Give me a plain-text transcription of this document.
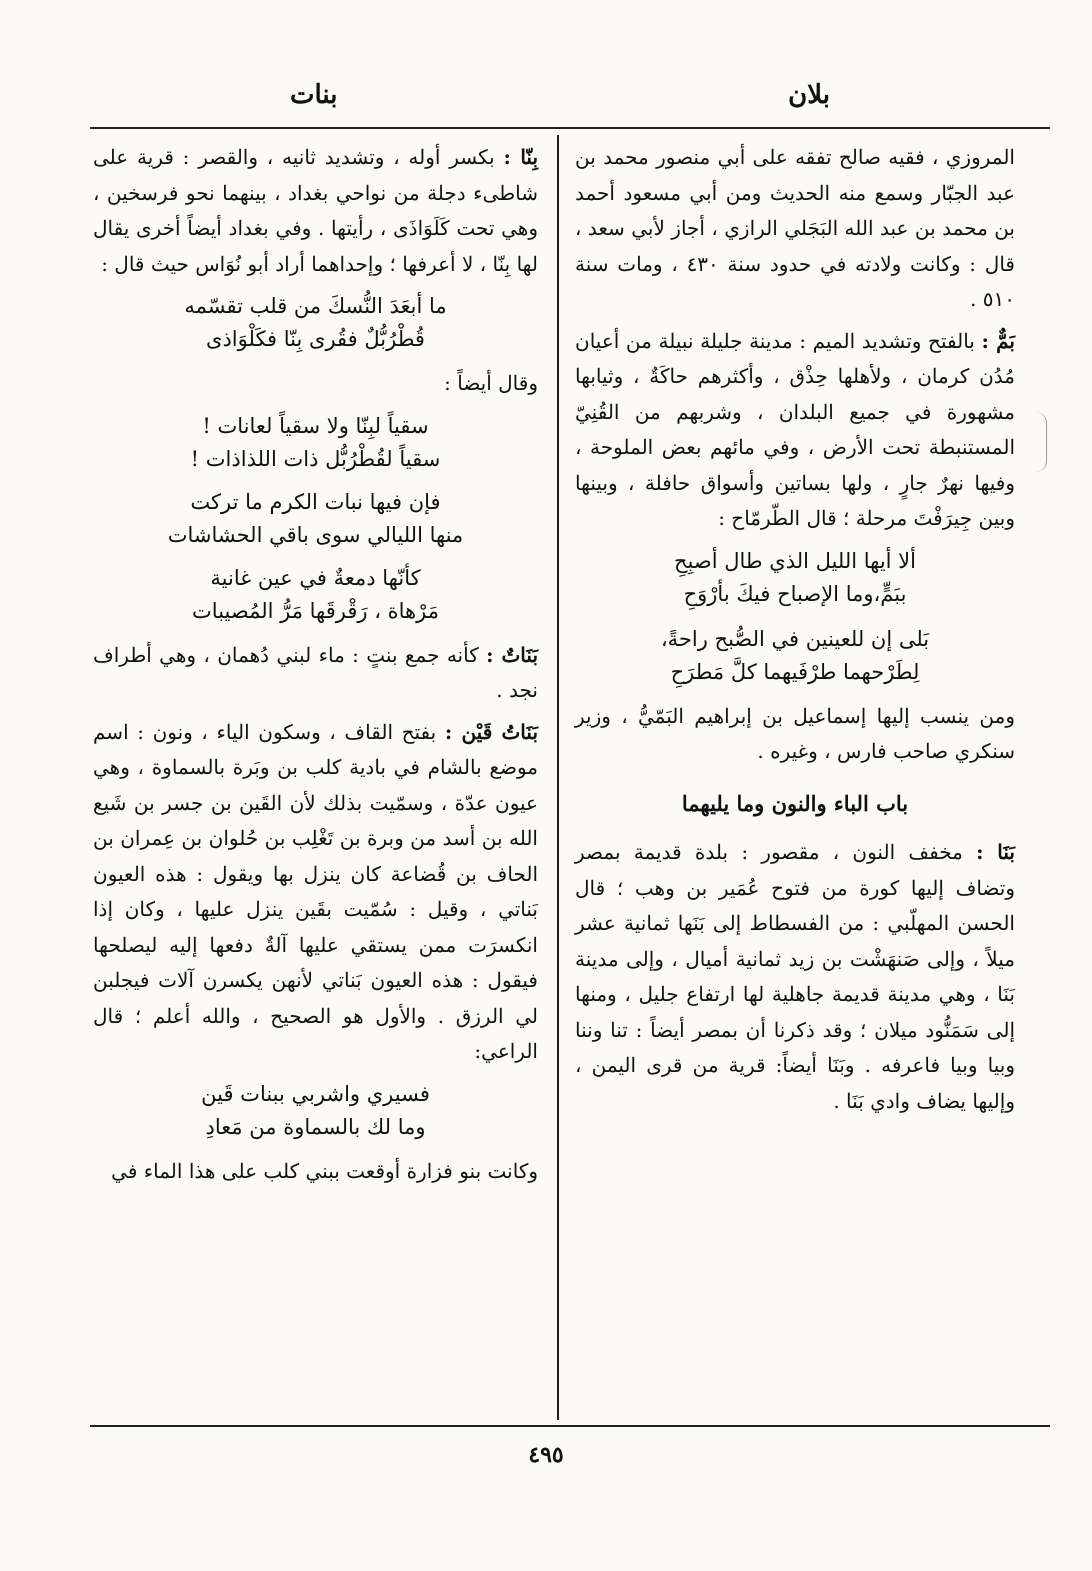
بلان
بنات

المروزي ، فقيه صالح تفقه على أبي منصور محمد بن عبد الجبّار وسمع منه الحديث ومن أبي مسعود أحمد بن محمد بن عبد الله البَجَلي الرازي ، أجاز لأبي سعد ، قال : وكانت ولادته في حدود سنة ٤٣٠ ، ومات سنة ٥١٠ .

بَمٌّ : بالفتح وتشديد الميم : مدينة جليلة نبيلة من أعيان مُدُن كرمان ، ولأهلها حِذْق ، وأكثرهم حاكَةٌ ، وثيابها مشهورة في جميع البلدان ، وشربهم من القُنِيّ المستنبطة تحت الأرض ، وفي مائهم بعض الملوحة ، وفيها نهرٌ جارٍ ، ولها بساتين وأسواق حافلة ، وبينها وبين جِيرَفْتَ مرحلة ؛ قال الطّرمّاح :

ألا أيها الليل الذي طال أصبِحِ
ببَمٍّ،وما الإصباح فيكَ بأرْوَحِ
بَلى إن للعينين في الصُّبح راحةً،
لِطَرْحهما طرْفَيهما كلَّ مَطرَحِ

ومن ينسب إليها إسماعيل بن إبراهيم البَمّيُّ ، وزير سنكري صاحب فارس ، وغيره .

باب الباء والنون وما يليهما

بَنَا : مخفف النون ، مقصور : بلدة قديمة بمصر وتضاف إليها كورة من فتوح عُمَير بن وهب ؛ قال الحسن المهلّبي : من الفسطاط إلى بَنَها ثمانية عشر ميلاً ، وإلى صَنهَشْت بن زيد ثمانية أميال ، وإلى مدينة بَنَا ، وهي مدينة قديمة جاهلية لها ارتفاع جليل ، ومنها إلى سَمَنُّود ميلان ؛ وقد ذكرنا أن بمصر أيضاً : تنا وننا وبيا وبيا فاعرفه . وبَنَا أيضاً: قرية من قرى اليمن ، وإليها يضاف وادي بَنَا .

بِنّا : بكسر أوله ، وتشديد ثانيه ، والقصر : قرية على شاطىء دجلة من نواحي بغداد ، بينهما نحو فرسخين ، وهي تحت كَلَوَاذَى ، رأيتها . وفي بغداد أيضاً أخرى يقال لها بِنّا ، لا أعرفها ؛ وإحداهما أراد أبو نُوَاس حيث قال :

ما أبعَدَ النُّسكَ من قلب تقسّمه
قُطْرُبُّلٌ فقُرى بِنّا فكَلْوَاذى

وقال أيضاً :

سقياً لبِنّا ولا سقياً لعانات !
سقياً لقُطْرُبُّل ذات اللذاذات !
فإن فيها نبات الكرم ما تركت
منها الليالي سوى باقي الحشاشات
كأنّها دمعةٌ في عين غانية
مَرْهاة ، رَقْرقَها مَرُّ المُصيبات

بَنَاتٌ : كأنه جمع بنتٍ : ماء لبني دُهمان ، وهي أطراف نجد .

بَنَاتُ قَيْن : بفتح القاف ، وسكون الياء ، ونون : اسم موضع بالشام في بادية كلب بن وبَرة بالسماوة ، وهي عيون عدّة ، وسمّيت بذلك لأن القَين بن جسر بن شَيع الله بن أسد من وبرة بن تَغْلِب بن حُلوان بن عِمران بن الحاف بن قُضاعة كان ينزل بها ويقول : هذه العيون بَناتي ، وقيل : سُمّيت بقَين ينزل عليها ، وكان إذا انكسرَت ممن يستقي عليها آلةٌ دفعها إليه ليصلحها فيقول : هذه العيون بَناتي لأنهن يكسرن آلات فيجلبن لي الرزق . والأول هو الصحيح ، والله أعلم ؛ قال الراعي:

فسيري واشربي ببنات قَين
وما لك بالسماوة من مَعادِ

وكانت بنو فزارة أوقعت ببني كلب على هذا الماء في

٤٩٥
